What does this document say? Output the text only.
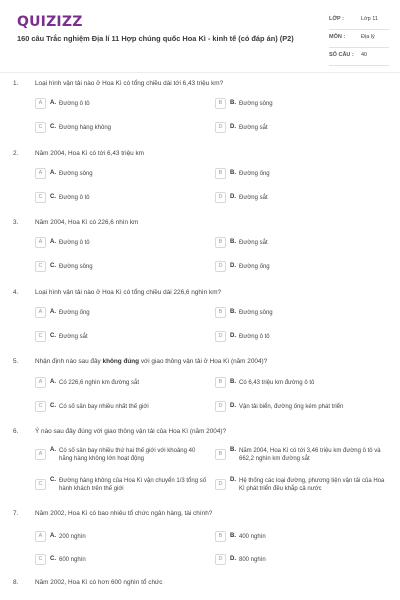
QUIZIZZ
160 câu Trắc nghiệm Địa lí 11 Hợp chúng quốc Hoa Kì - kinh tế (có đáp án) (P2)
LỚP :	Lớp 11
MÔN :	Địa lý
SỐ CÂU : 40
1.	Loại hình vận tải nào ở Hoa Kì có tổng chiều dài tới 6,43 triệu km?
A	A. Đường ô tô	B	B. Đường sông
C	C. Đường hàng không	D	D. Đường sắt
2.	Năm 2004, Hoa Kì có tới 6,43 triệu km
A	A. Đường sông	B	B. Đường ống
C	C. Đường ô tô	D	D. Đường sắt
3.	Năm 2004, Hoa Kì có 226,6 nhìn km
A	A. Đường ô tô	B	B. Đường sắt
C	C. Đường sông	D	D. Đường ống
4.	Loại hình vận tải nào ở Hoa Kì có tổng chiều dài 226,6 nghìn km?
A	A. Đường ống	B	B. Đường sông
C	C. Đường sắt	D	D. Đường ô tô
5.	Nhận định nào sau đây không đúng với giao thông vận tải ở Hoa Kì (năm 2004)?
A	A. Có 226,6 nghìn km đường sắt	B	B. Có 6,43 triệu km đường ô tô
C	C. Có số sân bay nhiều nhất thế giới	D	D. Vận tải biển, đường ống kém phát triển
6.	Ý nào sau đây đúng với giao thông vận tải của Hoa Kì (năm 2004)?
A
A. Có số sân bay nhiều thứ hai thế giới với khoảng 40 hãng hàng không lớn hoạt động
B
B. Năm 2004, Hoa Kì có tới 3,46 triệu km đường ô tô và 662,2 nghìn km đường sắt
C
C. Đường hàng không của Hoa Kì vận chuyển 1/3 tổng số hành khách trên thế giới
D
D. Hệ thống các loại đường, phương tiện vận tải của Hoa Kì phát triển đều khắp cả nước
7.	Năm 2002, Hoa Kì có bao nhiêu tổ chức ngân hàng, tài chính?
A	A. 200 nghìn	B	B. 400 nghìn
C	C. 600 nghìn	D	D. 800 nghìn
8.	Năm 2002, Hoa Kì có hơn 600 nghìn tổ chức
